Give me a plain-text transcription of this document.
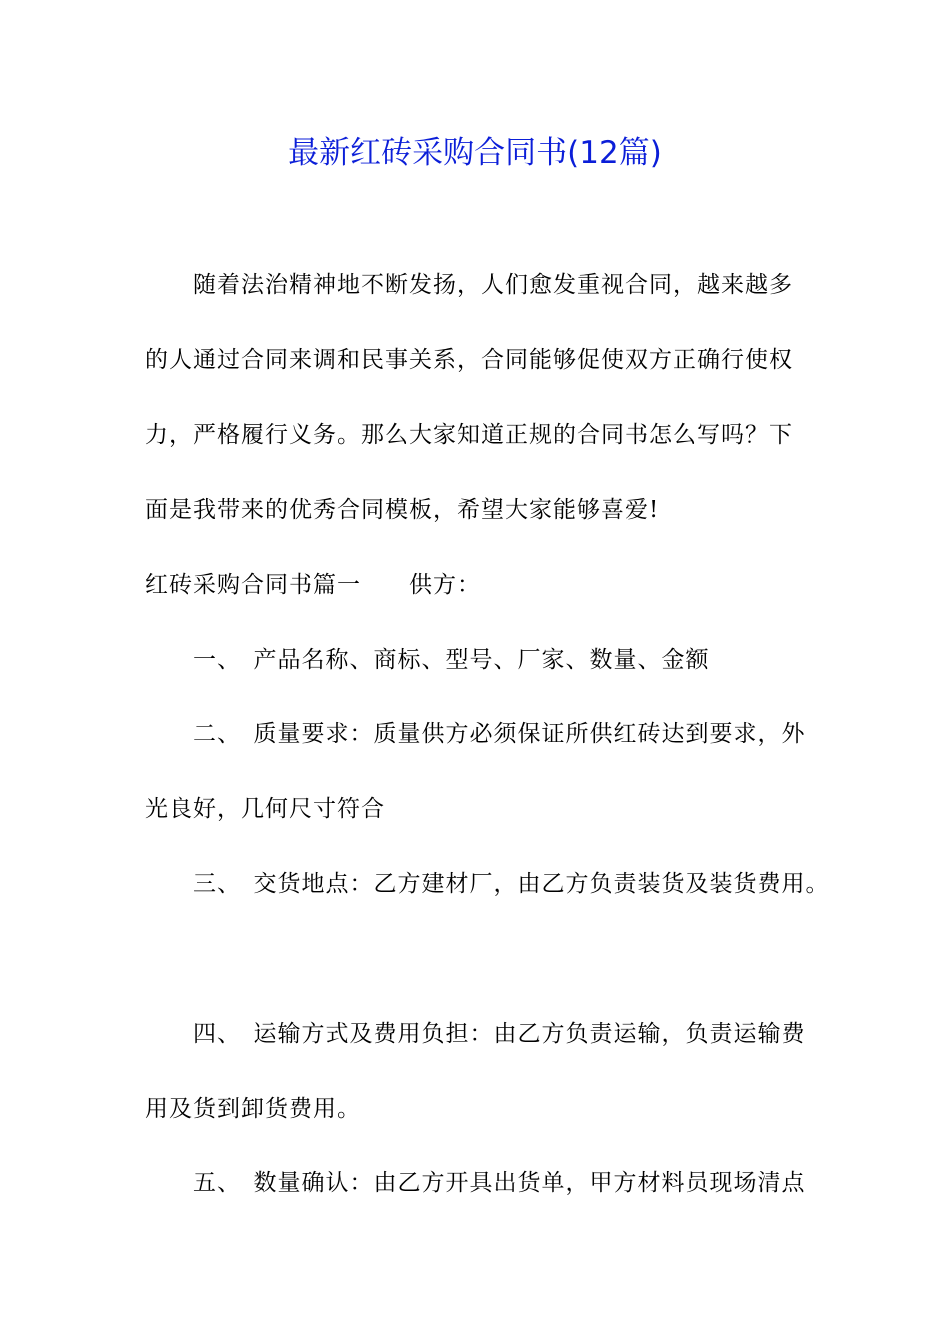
最新红砖采购合同书(12篇)

随着法治精神地不断发扬，人们愈发重视合同，越来越多

的人通过合同来调和民事关系，合同能够促使双方正确行使权

力，严格履行义务。那么大家知道正规的合同书怎么写吗？下

面是我带来的优秀合同模板，希望大家能够喜爱!

红砖采购合同书篇一　　供方：

一、　产品名称、商标、型号、厂家、数量、金额

二、　质量要求：质量供方必须保证所供红砖达到要求，外

光良好，几何尺寸符合

三、　交货地点：乙方建材厂，由乙方负责装货及装货费用。

四、　运输方式及费用负担：由乙方负责运输，负责运输费

用及货到卸货费用。

五、　数量确认：由乙方开具出货单，甲方材料员现场清点
